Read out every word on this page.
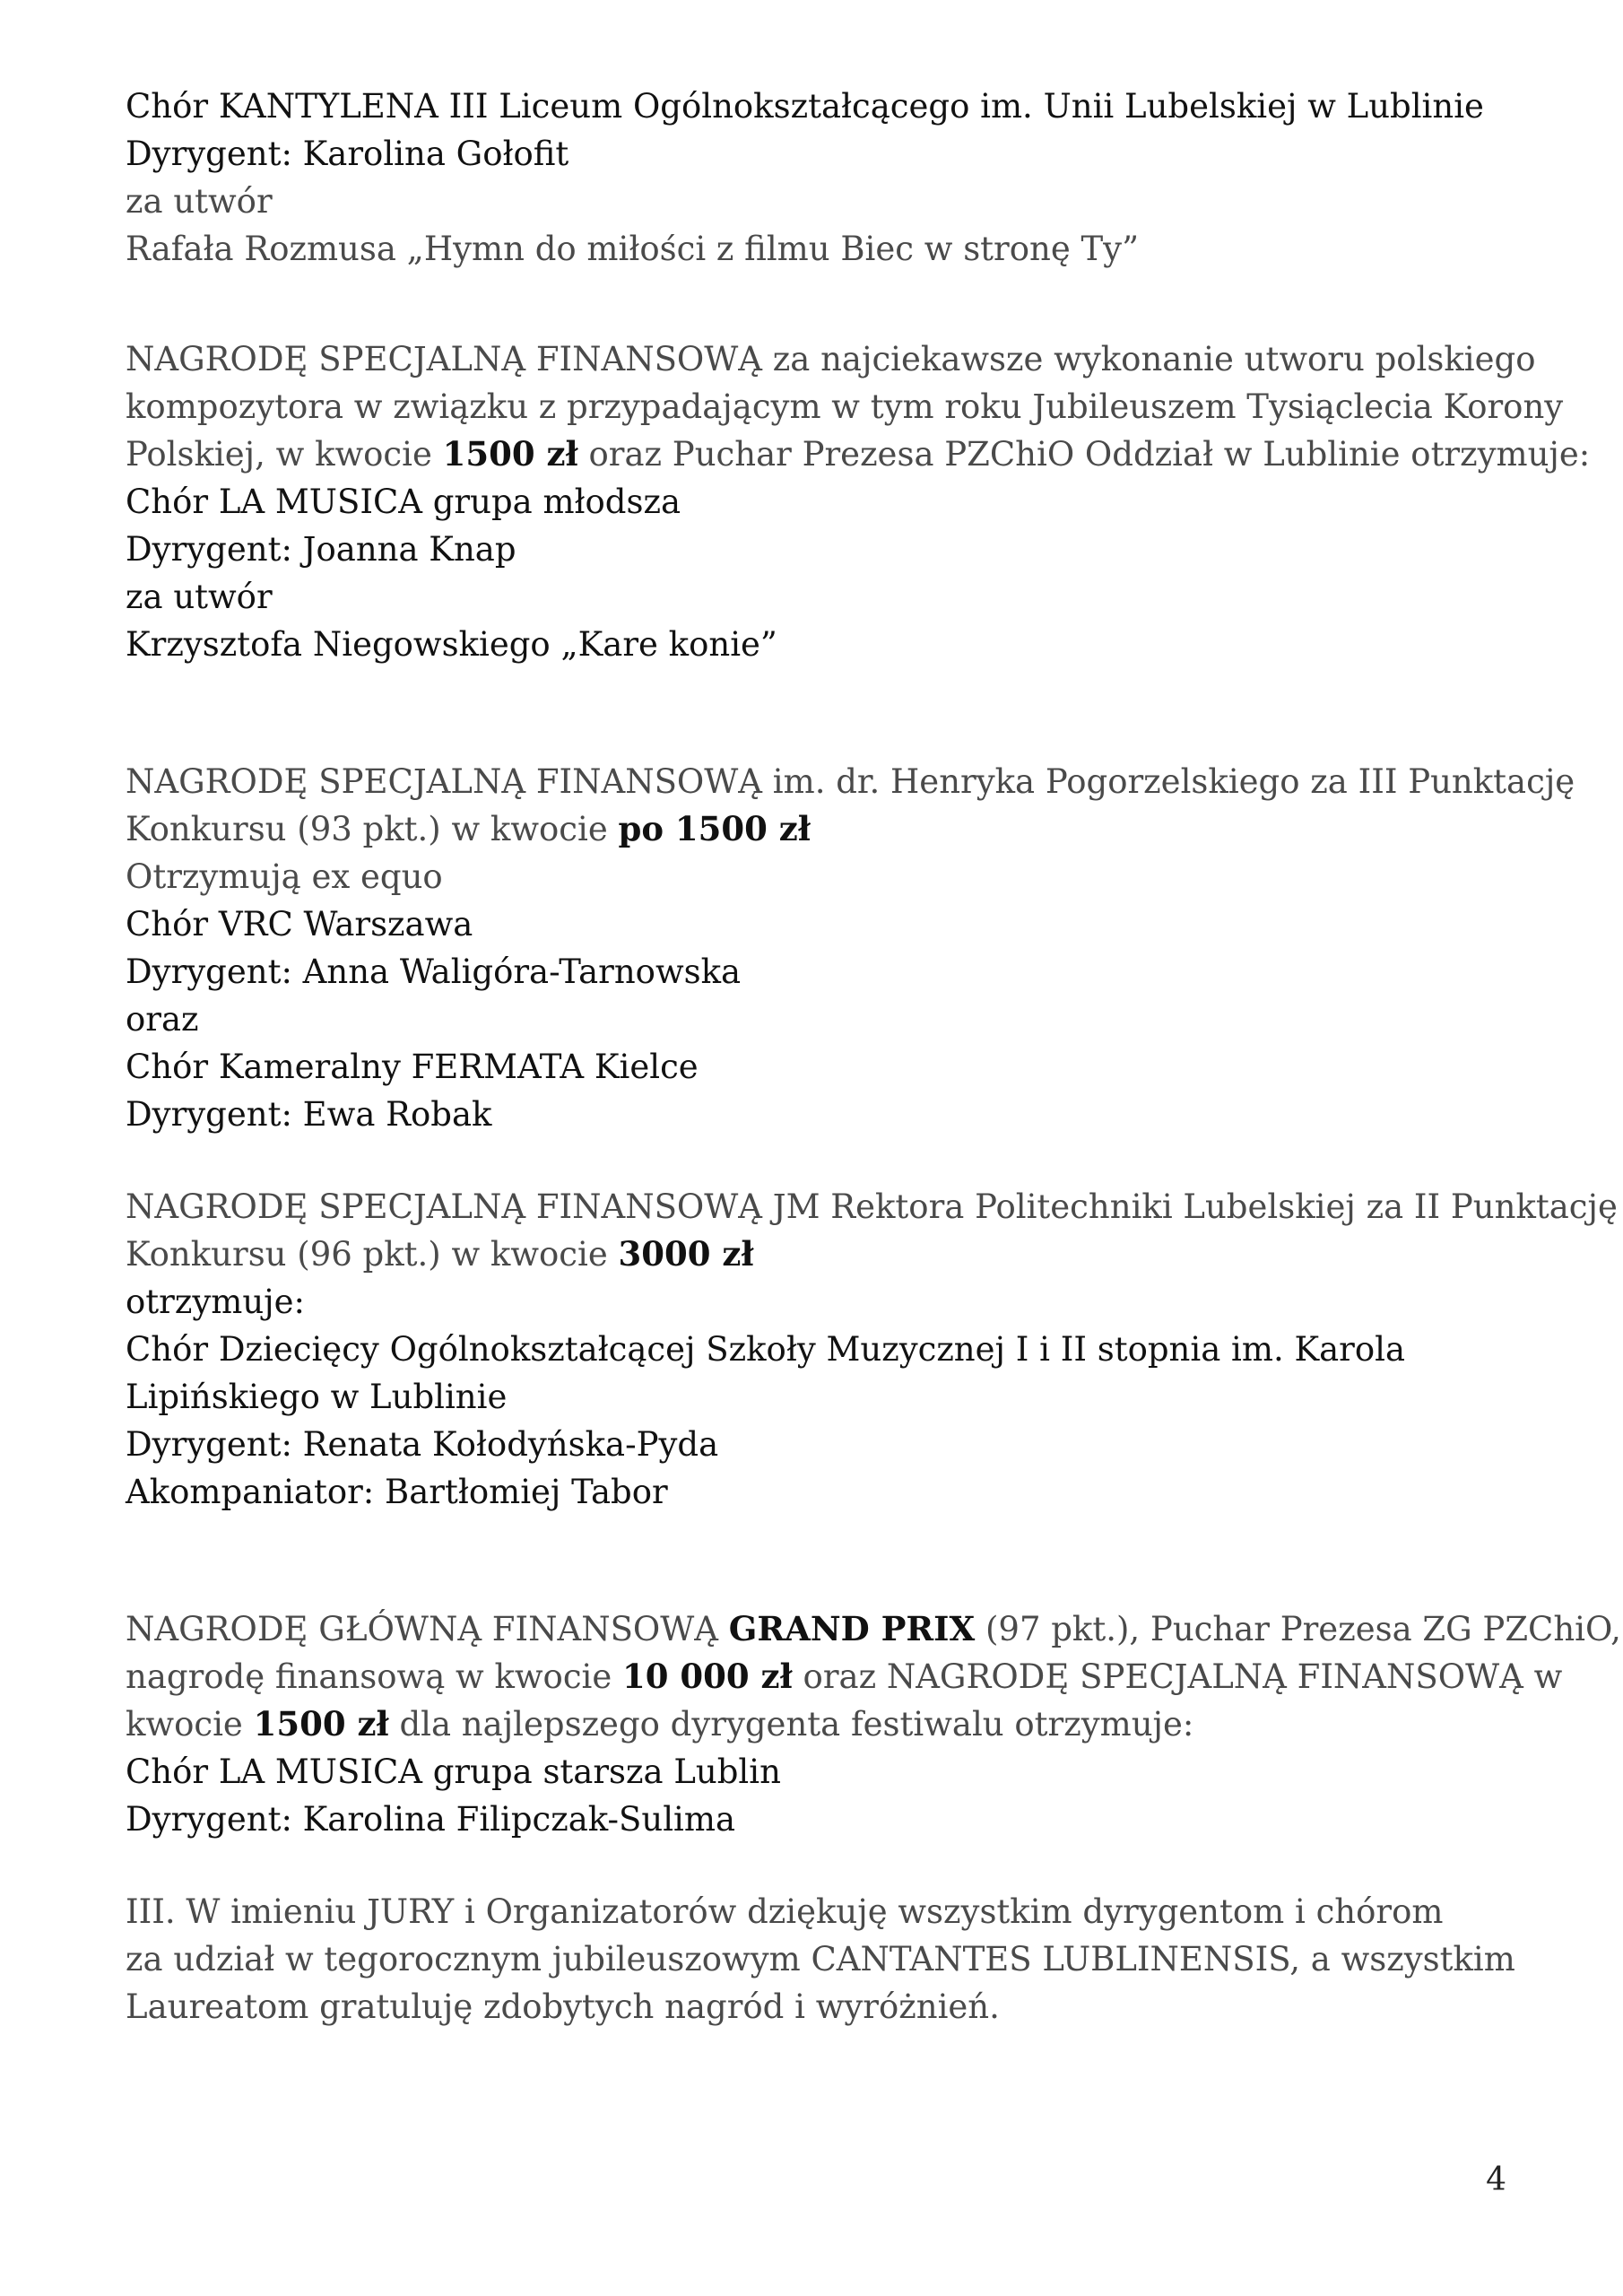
Chór KANTYLENA III Liceum Ogólnokształcącego im. Unii Lubelskiej w Lublinie
Dyrygent: Karolina Gołofit
za utwór
Rafała Rozmusa „Hymn do miłości z filmu Biec w stronę Ty”
NAGRODĘ SPECJALNĄ FINANSOWĄ za najciekawsze wykonanie utworu polskiego
kompozytora w związku z przypadającym w tym roku Jubileuszem Tysiąclecia Korony
Polskiej, w kwocie 1500 zł oraz Puchar Prezesa PZChiO Oddział w Lublinie otrzymuje:
Chór LA MUSICA grupa młodsza
Dyrygent: Joanna Knap
za utwór
Krzysztofa Niegowskiego „Kare konie”
NAGRODĘ SPECJALNĄ FINANSOWĄ im. dr. Henryka Pogorzelskiego za III Punktację
Konkursu (93 pkt.) w kwocie po 1500 zł
Otrzymują ex equo
Chór VRC Warszawa
Dyrygent: Anna Waligóra-Tarnowska
oraz
Chór Kameralny FERMATA Kielce
Dyrygent: Ewa Robak
NAGRODĘ SPECJALNĄ FINANSOWĄ JM Rektora Politechniki Lubelskiej za II Punktację
Konkursu (96 pkt.) w kwocie 3000 zł
otrzymuje:
Chór Dziecięcy Ogólnokształcącej Szkoły Muzycznej I i II stopnia im. Karola
Lipińskiego w Lublinie
Dyrygent: Renata Kołodyńska-Pyda
Akompaniator: Bartłomiej Tabor
NAGRODĘ GŁÓWNĄ FINANSOWĄ GRAND PRIX (97 pkt.), Puchar Prezesa ZG PZChiO,
nagrodę finansową w kwocie 10 000 zł oraz NAGRODĘ SPECJALNĄ FINANSOWĄ w
kwocie 1500 zł dla najlepszego dyrygenta festiwalu otrzymuje:
Chór LA MUSICA grupa starsza Lublin
Dyrygent: Karolina Filipczak-Sulima
III. W imieniu JURY i Organizatorów dziękuję wszystkim dyrygentom i chórom
za udział w tegorocznym jubileuszowym CANTANTES LUBLINENSIS, a wszystkim
Laureatom gratuluję zdobytych nagród i wyróżnień.
4
